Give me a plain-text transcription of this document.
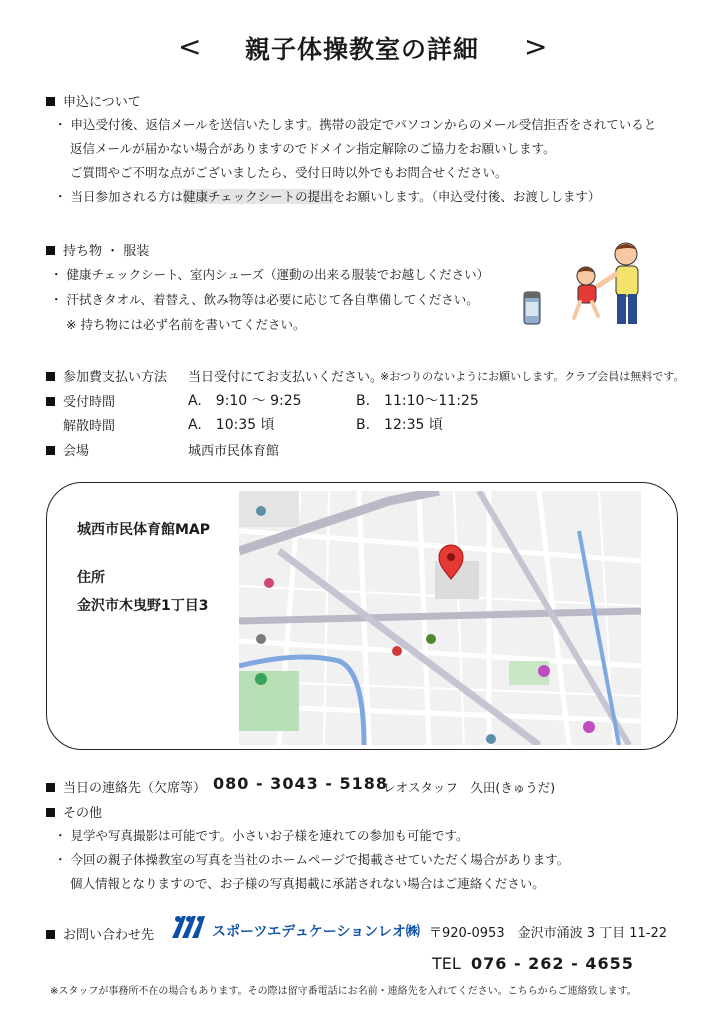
<	親子体操教室の詳細	>
申込について
・ 申込受付後、返信メールを送信いたします。携帯の設定でパソコンからのメール受信拒否をされていると
返信メールが届かない場合がありますのでドメイン指定解除のご協力をお願いします。
ご質問やご不明な点がございましたら、受付日時以外でもお問合せください。
・ 当日参加される方は健康チェックシートの提出をお願いします。（申込受付後、お渡しします）
持ち物 ・ 服装
・ 健康チェックシート、室内シューズ（運動の出来る服装でお越しください）
・ 汗拭きタオル、着替え、飲み物等は必要に応じて各自準備してください。
※ 持ち物には必ず名前を書いてください。
参加費支払い方法 当日受付にてお支払いください。
※おつりのないようにお願いします。クラブ会員は無料です。
受付時間	A.　9:10 ～ 9:25	B.　11:10～11:25
解散時間	A.　10:35 頃	B.　12:35 頃
会場	城西市民体育館
城西市民体育館MAP
住所
金沢市木曳野1丁目3
当日の連絡先（欠席等） 080 - 3043 - 5188
レオスタッフ　久田(きゅうだ)
その他
・ 見学や写真撮影は可能です。小さいお子様を連れての参加も可能です。
・ 今回の親子体操教室の写真を当社のホームページで掲載させていただく場合があります。
個人情報となりますので、お子様の写真掲載に承諾されない場合はご連絡ください。
お問い合わせ先	スポーツエデュケーションレオ㈱ 〒920-0953　金沢市涌波 3 丁目 11-22
TEL 076 - 262 - 4655
※スタッフが事務所不在の場合もあります。その際は留守番電話にお名前・連絡先を入れてください。こちらからご連絡致します。
